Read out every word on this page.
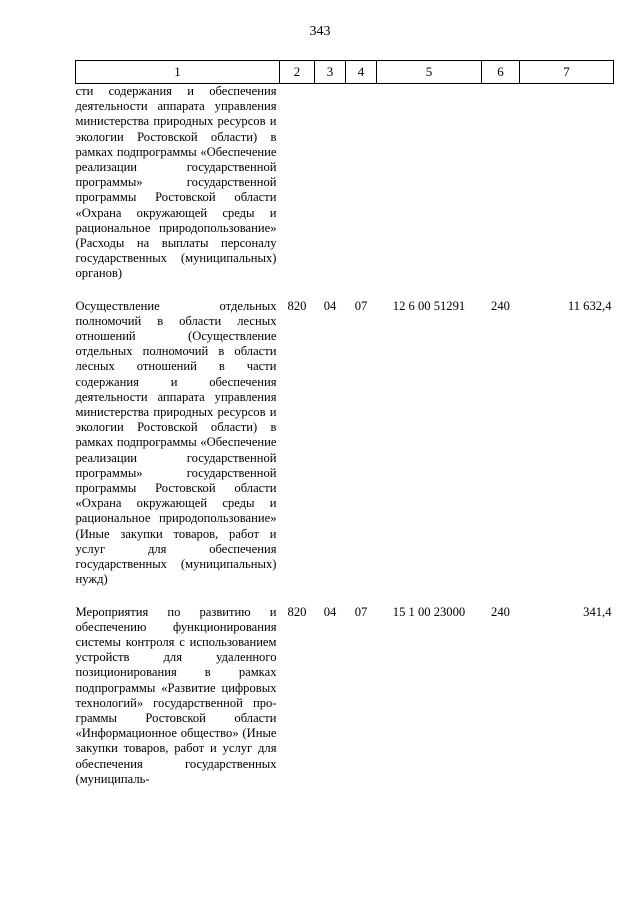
343
1	2	3	4	5	6	7
сти содержания и обеспечения деятельности аппарата управления министерства природных ресурсов и экологии Ростовской области) в рамках подпрограммы «Обеспечение реализации государственной программы» государственной программы Ростовской области «Охрана окружающей среды и рациональное природопользование» (Расходы на выплаты персоналу государственных (муниципальных) органов)						
Осуществление отдельных полномочий в области лесных отношений (Осуществление отдельных полномочий в области лесных отношений в части содержания и обеспечения деятельности аппарата управления министерства природных ресурсов и экологии Ростовской области) в рамках подпрограммы «Обеспечение реализации государственной программы» государственной программы Ростовской области «Охрана окружающей среды и рациональное природопользование» (Иные закупки товаров, работ и услуг для обеспечения государственных (муниципальных) нужд)	820	04	07	12 6 00 51291	240	11 632,4
Мероприятия по развитию и обеспечению функционирования системы контроля с использованием устройств для удаленного позиционирования в рамках подпрограммы «Развитие цифровых технологий» государственной программы Ростовской области «Информационное общество» (Иные закупки товаров, работ и услуг для обеспечения государственных (муниципаль-	820	04	07	15 1 00 23000	240	341,4
